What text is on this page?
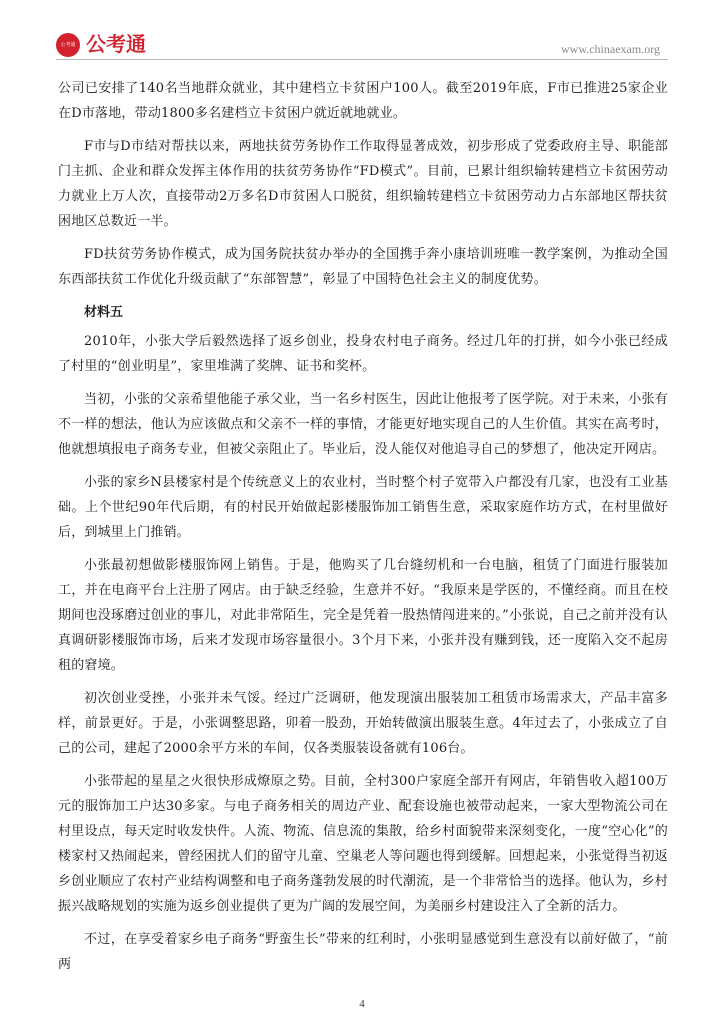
公考通 公考通	www.chinaexam.org

公司已安排了140名当地群众就业，其中建档立卡贫困户100人。截至2019年底，F市已推进25家企业在D市落地，带动1800多名建档立卡贫困户就近就地就业。

F市与D市结对帮扶以来，两地扶贫劳务协作工作取得显著成效，初步形成了党委政府主导、职能部门主抓、企业和群众发挥主体作用的扶贫劳务协作“FD模式”。目前，已累计组织输转建档立卡贫困劳动力就业上万人次，直接带动2万多名D市贫困人口脱贫，组织输转建档立卡贫困劳动力占东部地区帮扶贫困地区总数近一半。

FD扶贫劳务协作模式，成为国务院扶贫办举办的全国携手奔小康培训班唯一教学案例，为推动全国东西部扶贫工作优化升级贡献了“东部智慧”，彰显了中国特色社会主义的制度优势。

材料五

2010年，小张大学后毅然选择了返乡创业，投身农村电子商务。经过几年的打拼，如今小张已经成了村里的“创业明星”，家里堆满了奖牌、证书和奖杯。

当初，小张的父亲希望他能子承父业，当一名乡村医生，因此让他报考了医学院。对于未来，小张有不一样的想法，他认为应该做点和父亲不一样的事情，才能更好地实现自己的人生价值。其实在高考时，他就想填报电子商务专业，但被父亲阻止了。毕业后，没人能仅对他追寻自己的梦想了，他决定开网店。

小张的家乡N县楼家村是个传统意义上的农业村，当时整个村子宽带入户都没有几家，也没有工业基础。上个世纪90年代后期，有的村民开始做起影楼服饰加工销售生意，采取家庭作坊方式，在村里做好后，到城里上门推销。

小张最初想做影楼服饰网上销售。于是，他购买了几台缝纫机和一台电脑，租赁了门面进行服装加工，并在电商平台上注册了网店。由于缺乏经验，生意并不好。“我原来是学医的，不懂经商。而且在校期间也没琢磨过创业的事儿，对此非常陌生，完全是凭着一股热情闯进来的。”小张说，自己之前并没有认真调研影楼服饰市场，后来才发现市场容量很小。3个月下来，小张并没有赚到钱，还一度陷入交不起房租的窘境。

初次创业受挫，小张并未气馁。经过广泛调研，他发现演出服装加工租赁市场需求大，产品丰富多样，前景更好。于是，小张调整思路，卯着一股劲，开始转做演出服装生意。4年过去了，小张成立了自己的公司，建起了2000余平方米的车间，仅各类服装设备就有106台。

小张带起的星星之火很快形成燎原之势。目前，全村300户家庭全部开有网店，年销售收入超100万元的服饰加工户达30多家。与电子商务相关的周边产业、配套设施也被带动起来，一家大型物流公司在村里设点，每天定时收发快件。人流、物流、信息流的集散，给乡村面貌带来深刻变化，一度“空心化”的楼家村又热闹起来，曾经困扰人们的留守儿童、空巢老人等问题也得到缓解。回想起来，小张觉得当初返乡创业顺应了农村产业结构调整和电子商务蓬勃发展的时代潮流，是一个非常恰当的选择。他认为，乡村振兴战略规划的实施为返乡创业提供了更为广阔的发展空间，为美丽乡村建设注入了全新的活力。

不过，在享受着家乡电子商务“野蛮生长”带来的红利时，小张明显感觉到生意没有以前好做了，“前两

4
